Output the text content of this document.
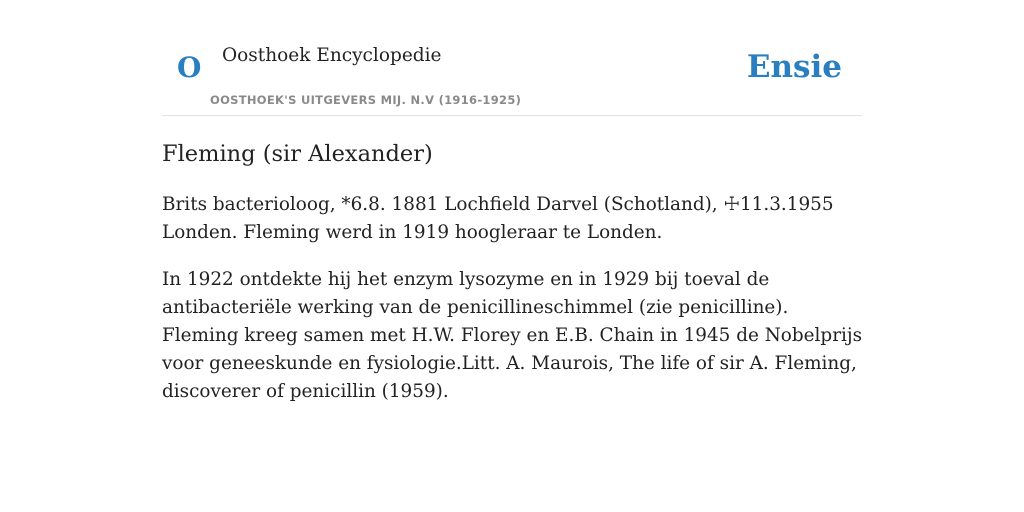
O Oosthoek Encyclopedie
OOSTHOEK'S UITGEVERS MIJ. N.V (1916-1925)
Ensie
Fleming (sir Alexander)

Brits bacterioloog, *6.8. 1881 Lochfield Darvel (Schotland), ☩11.3.1955 Londen. Fleming werd in 1919 hoogleraar te Londen.

In 1922 ontdekte hij het enzym lysozyme en in 1929 bij toeval de antibacteriële werking van de penicillineschimmel (zie penicilline). Fleming kreeg samen met H.W. Florey en E.B. Chain in 1945 de Nobelprijs voor geneeskunde en fysiologie.Litt. A. Maurois, The life of sir A. Fleming, discoverer of penicillin (1959).
